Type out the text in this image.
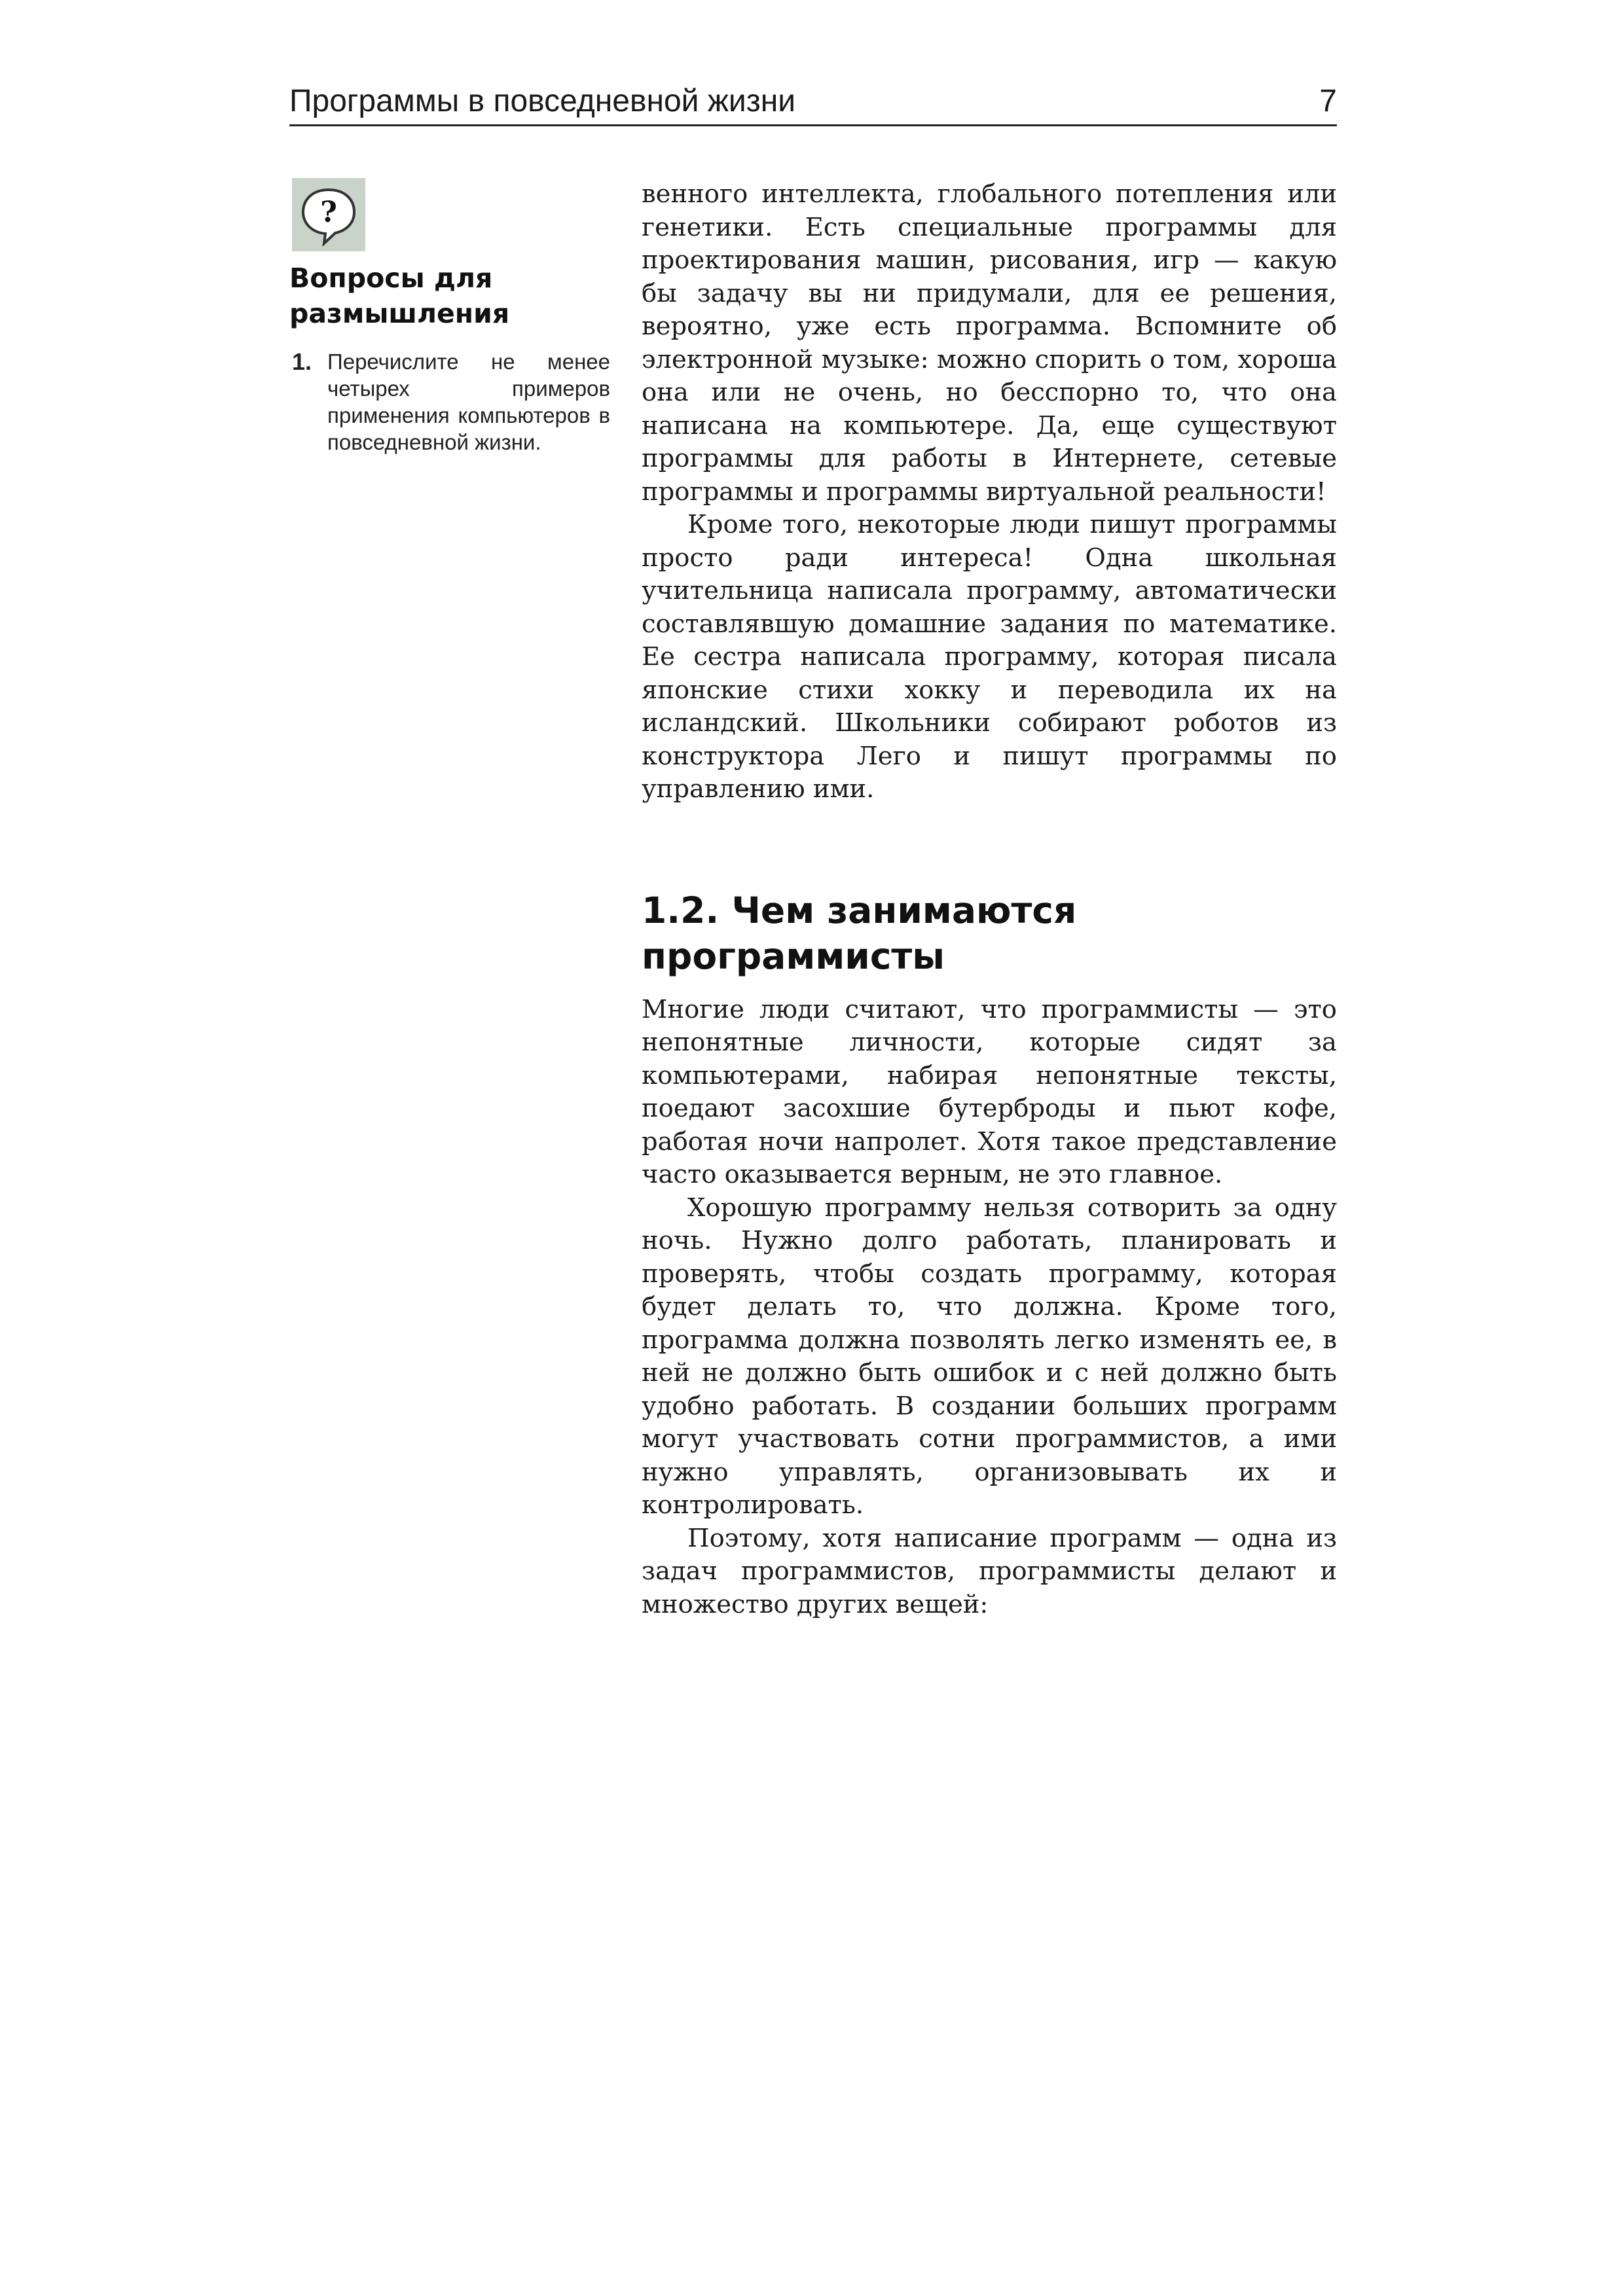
Программы в повседневной жизни	7
?
Вопросы для размышления
1. Перечислите не менее четырех примеров применения компьютеров в повседневной жизни.

венного интеллекта, глобального потепления или генетики. Есть специальные программы для проектирования машин, рисования, игр — какую бы задачу вы ни придумали, для ее решения, вероятно, уже есть программа. Вспомните об электронной музыке: можно спорить о том, хороша она или не очень, но бесспорно то, что она написана на компьютере. Да, еще существуют программы для работы в Интернете, сетевые программы и программы виртуальной реальности!

Кроме того, некоторые люди пишут программы просто ради интереса! Одна школьная учительница написала программу, автоматически составлявшую домашние задания по математике. Ее сестра написала программу, которая писала японские стихи хокку и переводила их на исландский. Школьники собирают роботов из конструктора Лего и пишут программы по управлению ими.

1.2. Чем занимаются программисты

Многие люди считают, что программисты — это непонятные личности, которые сидят за компьютерами, набирая непонятные тексты, поедают засохшие бутерброды и пьют кофе, работая ночи напролет. Хотя такое представление часто оказывается верным, не это главное.

Хорошую программу нельзя сотворить за одну ночь. Нужно долго работать, планировать и проверять, чтобы создать программу, которая будет делать то, что должна. Кроме того, программа должна позволять легко изменять ее, в ней не должно быть ошибок и с ней должно быть удобно работать. В создании больших программ могут участвовать сотни программистов, а ими нужно управлять, организовывать их и контролировать.

Поэтому, хотя написание программ — одна из задач программистов, программисты делают и множество других вещей:
